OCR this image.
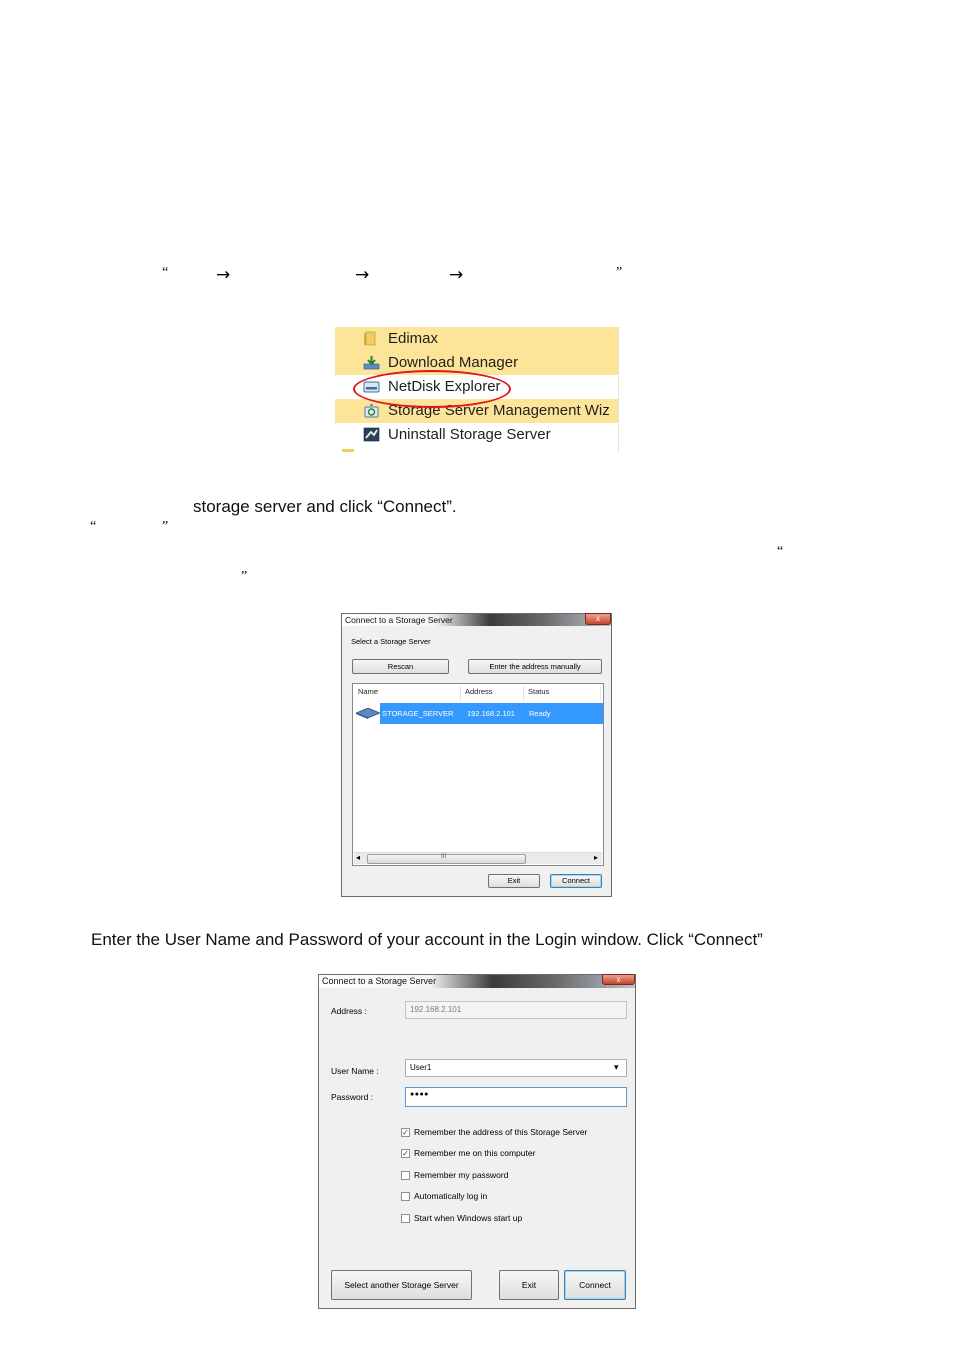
“	→	→	→	”
Edimax
Download Manager
NetDisk Explorer
Storage Server Management Wiz
Uninstall Storage Server
storage server and click “Connect”.
“	”
“
”
Connect to a Storage Server	x
Select a Storage Server
Rescan	Enter the address manually
Name	Address	Status
STORAGE_SERVER 192.168.2.101 Ready
◂	III	▸
Exit	Connect
Enter the User Name and Password of your account in the Login window. Click “Connect”
Connect to a Storage Server	x
Address :	192.168.2.101
User Name :	User1	▾
Password :	●●●●
✓ Remember the address of this Storage Server
✓ Remember me on this computer
Remember my password
Automatically log in
Start when Windows start up
Select another Storage Server	Exit	Connect
